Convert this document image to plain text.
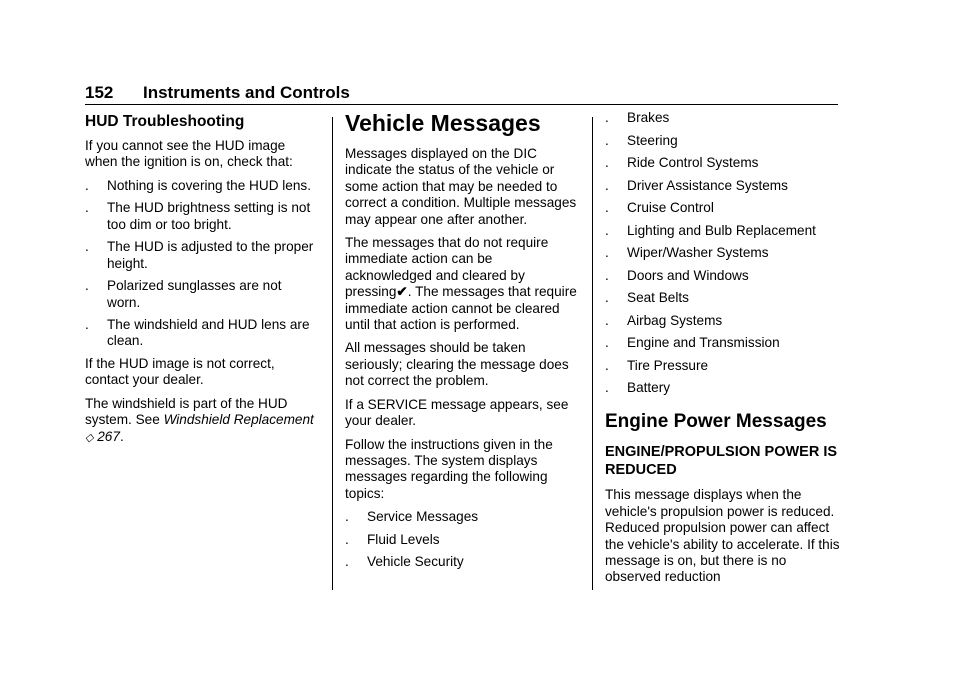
152 Instruments and Controls
HUD Troubleshooting

If you cannot see the HUD image when the ignition is on, check that:

. Nothing is covering the HUD lens.
. The HUD brightness setting is not too dim or too bright.
. The HUD is adjusted to the proper height.
. Polarized sunglasses are not worn.
. The windshield and HUD lens are clean.

If the HUD image is not correct, contact your dealer.

The windshield is part of the HUD system. See Windshield Replacement ◇ 267.

Vehicle Messages

Messages displayed on the DIC indicate the status of the vehicle or some action that may be needed to correct a condition. Multiple messages may appear one after another.

The messages that do not require immediate action can be acknowledged and cleared by pressing✔. The messages that require immediate action cannot be cleared until that action is performed.

All messages should be taken seriously; clearing the message does not correct the problem.

If a SERVICE message appears, see your dealer.

Follow the instructions given in the messages. The system displays messages regarding the following topics:

. Service Messages
. Fluid Levels
. Vehicle Security
. Brakes
. Steering
. Ride Control Systems
. Driver Assistance Systems
. Cruise Control
. Lighting and Bulb Replacement
. Wiper/Washer Systems
. Doors and Windows
. Seat Belts
. Airbag Systems
. Engine and Transmission
. Tire Pressure
. Battery
Engine Power Messages
ENGINE/PROPULSION POWER IS REDUCED

This message displays when the vehicle's propulsion power is reduced. Reduced propulsion power can affect the vehicle's ability to accelerate. If this message is on, but there is no observed reduction
